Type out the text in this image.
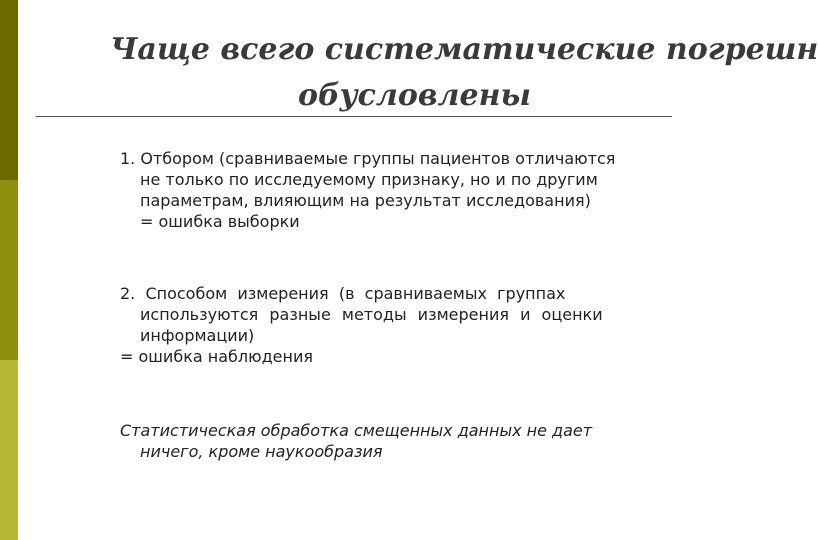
Чаще всего систематические погрешн
обусловлены
1. Отбором (сравниваемые группы пациентов отличаются
не только по исследуемому признаку, но и по другим
параметрам, влияющим на результат исследования)
= ошибка выборки
2.  Способом  измерения  (в  сравниваемых  группах
используются разные методы измерения и оценки
информации)
= ошибка наблюдения
Статистическая обработка смещенных данных не дает
ничего, кроме наукообразия
